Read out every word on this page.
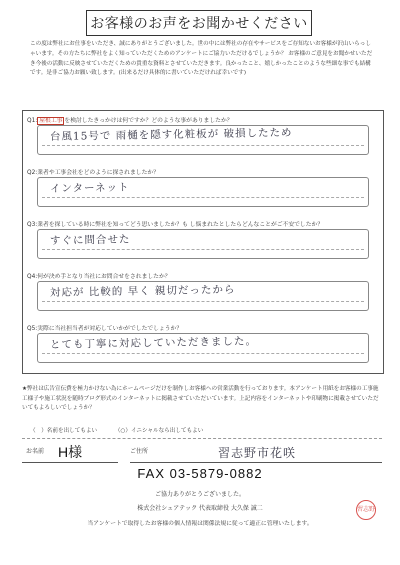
お客様のお声をお聞かせください
この度は弊社にお仕事をいただき、誠にありがとうございました。世の中には弊社の存在やサービスをご存知ないお客様が沢山いらっしゃいます。その方たちに弊社をよく知っていただくためのアンケートにご協力いただけるでしょうか？ お客様のご意見をお聞かせいただき今後の活動に反映させていただくための貴重な資料とさせていただきます。良かったこと、嬉しかったことのような些細な事でも結構です。是非ご協力お願い致します。(出来るだけ具体的に書いていただければ幸いです)
Q1: 屋根工事 を検討したきっかけは何ですか？どのような事がありましたか？
台風15号で 雨樋を隠す化粧板が 破損したため
Q2:業者や工事会社をどのように探されましたか？
インターネット
Q3:業者を探している時に弊社を知ってどう思いましたか？も し悩まれたとしたらどんなことがご不安でしたか？
すぐに間合せた
Q4:何が決め手となり当社にお問合せをされましたか？
対応が 比較的 早く 親切だったから
Q5:実際に当社担当者が対応していかがでしたでしょうか？
とても丁寧に対応していただきました。
★弊社は広告宣伝費を極力かけない為にホームページだけを制作しお客様への営業活動を行っております。本アンケート用紙をお客様の工事施工様子や施工状況を随時ブログ形式のインターネットに掲載させていただいています。上記内容をインターネットや印刷物に掲載させていただいてもよろしいでしょうか？
（　）名前を出してもよい	（○）イニシャルなら出してもよい
お名前 H様	ご住所	習志野市花咲
FAX 03-5879-0882
ご協力ありがとうございました。
株式会社シェアテック 代表取締役 大久保 誠二
当アンケートで取得したお客様の個人情報は関係法規に従って適正に管理いたします。
習志野
